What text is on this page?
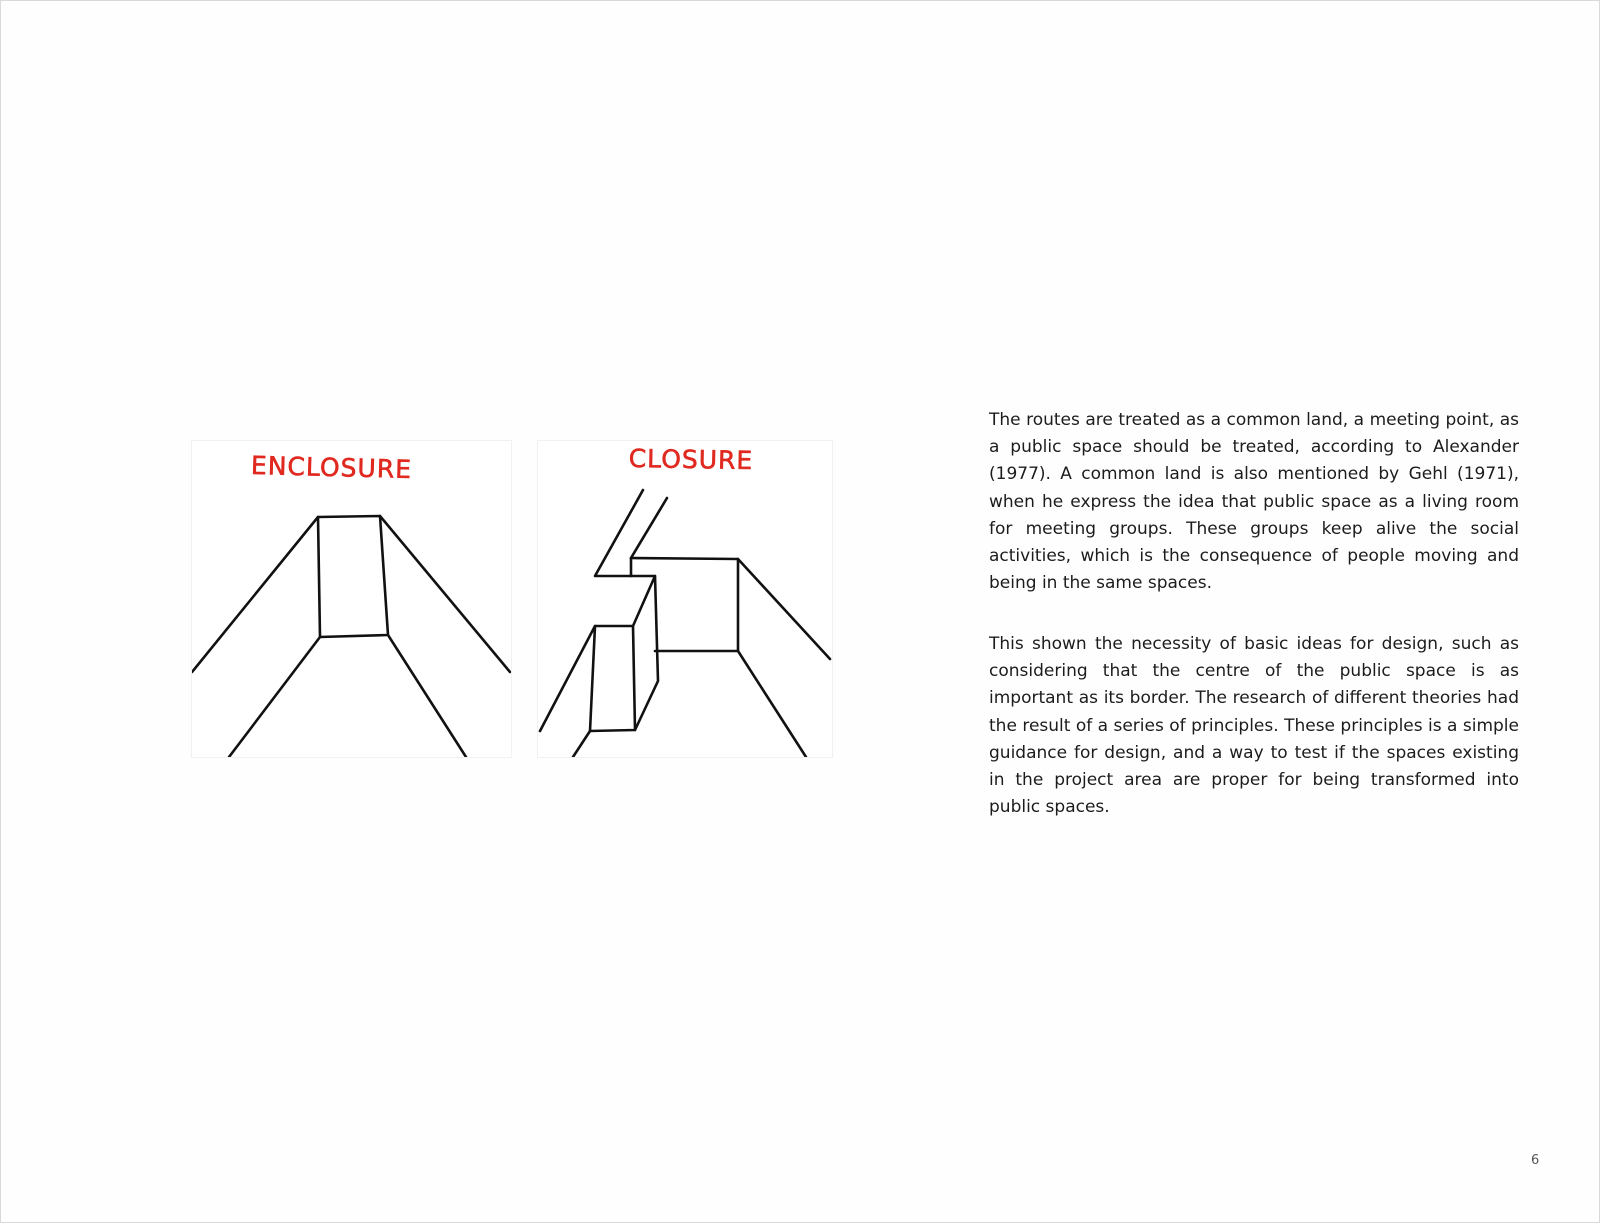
ENCLOSURE	CLOSURE

The routes are treated as a common land, a meeting point, as a public space should be treated, according to Alexander (1977). A common land is also mentioned by Gehl (1971), when he express the idea that public space as a living room for meeting groups. These groups keep alive the social activities, which is the consequence of people moving and being in the same spaces.

This shown the necessity of basic ideas for design, such as considering that the centre of the public space is as important as its border. The research of different theories had the result of a series of principles. These principles is a simple guidance for design, and a way to test if the spaces existing in the project area are proper for being transformed into public spaces.

6
